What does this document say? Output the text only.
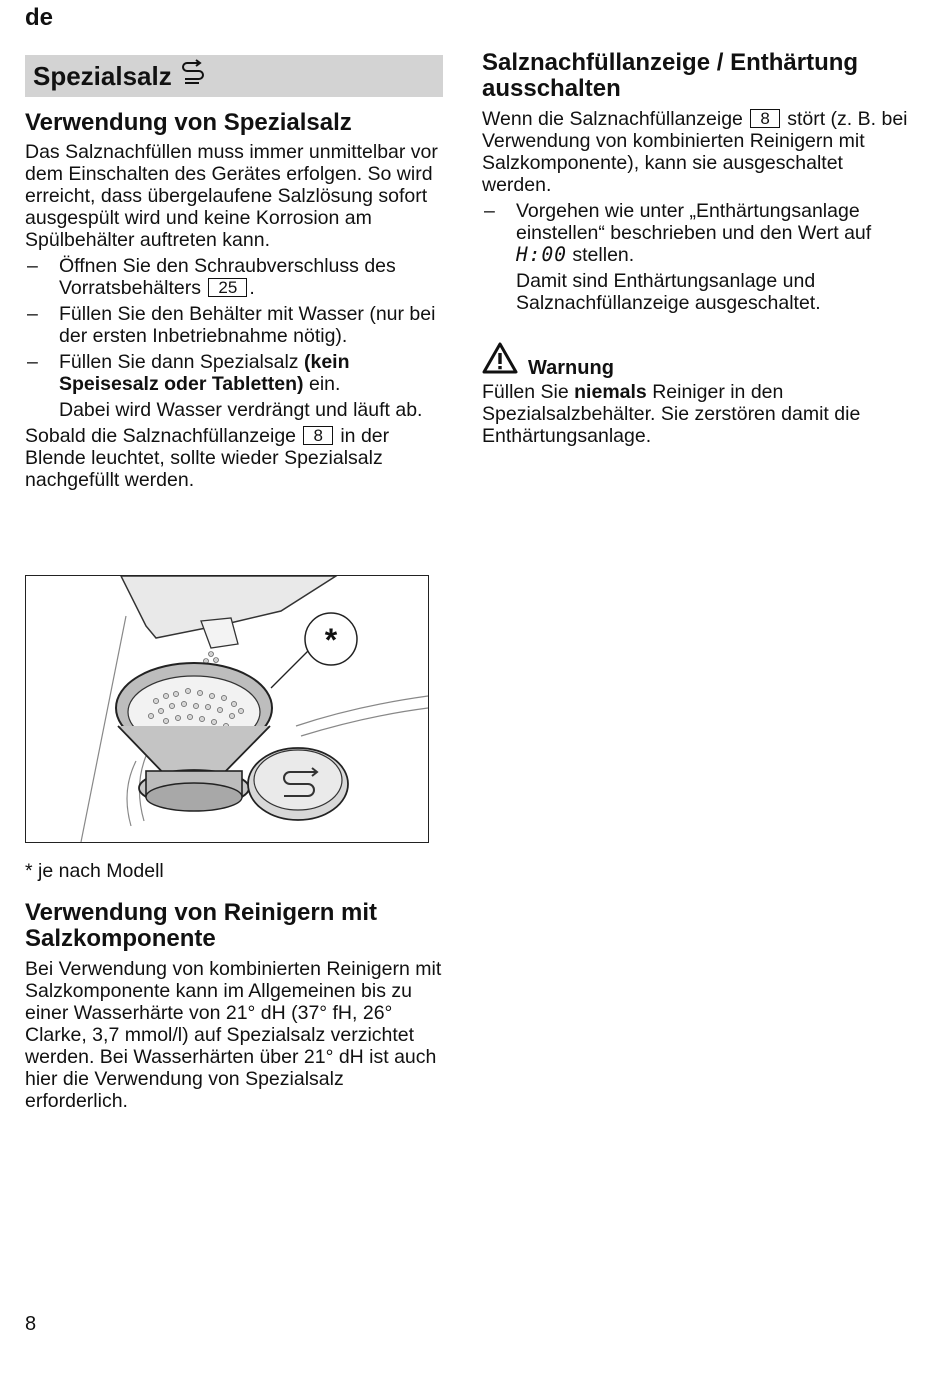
de
Spezialsalz
Verwendung von Spezialsalz

Das Salznachfüllen muss immer unmittelbar vor dem Einschalten des Gerätes erfolgen. So wird erreicht, dass übergelaufene Salzlösung sofort ausgespült wird und keine Korrosion am Spülbehälter auftreten kann.

– Öffnen Sie den Schraubverschluss des Vorratsbehälters 25 .
– Füllen Sie den Behälter mit Wasser (nur bei der ersten Inbetriebnahme nötig).
– Füllen Sie dann Spezialsalz (kein Speisesalz oder Tabletten) ein.
Dabei wird Wasser verdrängt und läuft ab.

Sobald die Salznachfüllanzeige 8 in der Blende leuchtet, sollte wieder Spezialsalz nachgefüllt werden.

*
* je nach Modell
Verwendung von Reinigern mit Salzkomponente

Bei Verwendung von kombinierten Reinigern mit Salzkomponente kann im Allgemeinen bis zu einer Wasserhärte von 21° dH (37° fH, 26° Clarke, 3,7 mmol/l) auf Spezialsalz verzichtet werden. Bei Wasserhärten über 21° dH ist auch hier die Verwendung von Spezialsalz erforderlich.

Salznachfüllanzeige / Enthärtung ausschalten

Wenn die Salznachfüllanzeige 8 stört (z. B. bei Verwendung von kombinierten Reinigern mit Salzkomponente), kann sie ausgeschaltet werden.

– Vorgehen wie unter „Enthärtungsanlage einstellen“ beschrieben und den Wert auf H:00 stellen.
Damit sind Enthärtungsanlage und Salznachfüllanzeige ausgeschaltet.
Warnung

Füllen Sie niemals Reiniger in den Spezialsalzbehälter. Sie zerstören damit die Enthärtungsanlage.

8
